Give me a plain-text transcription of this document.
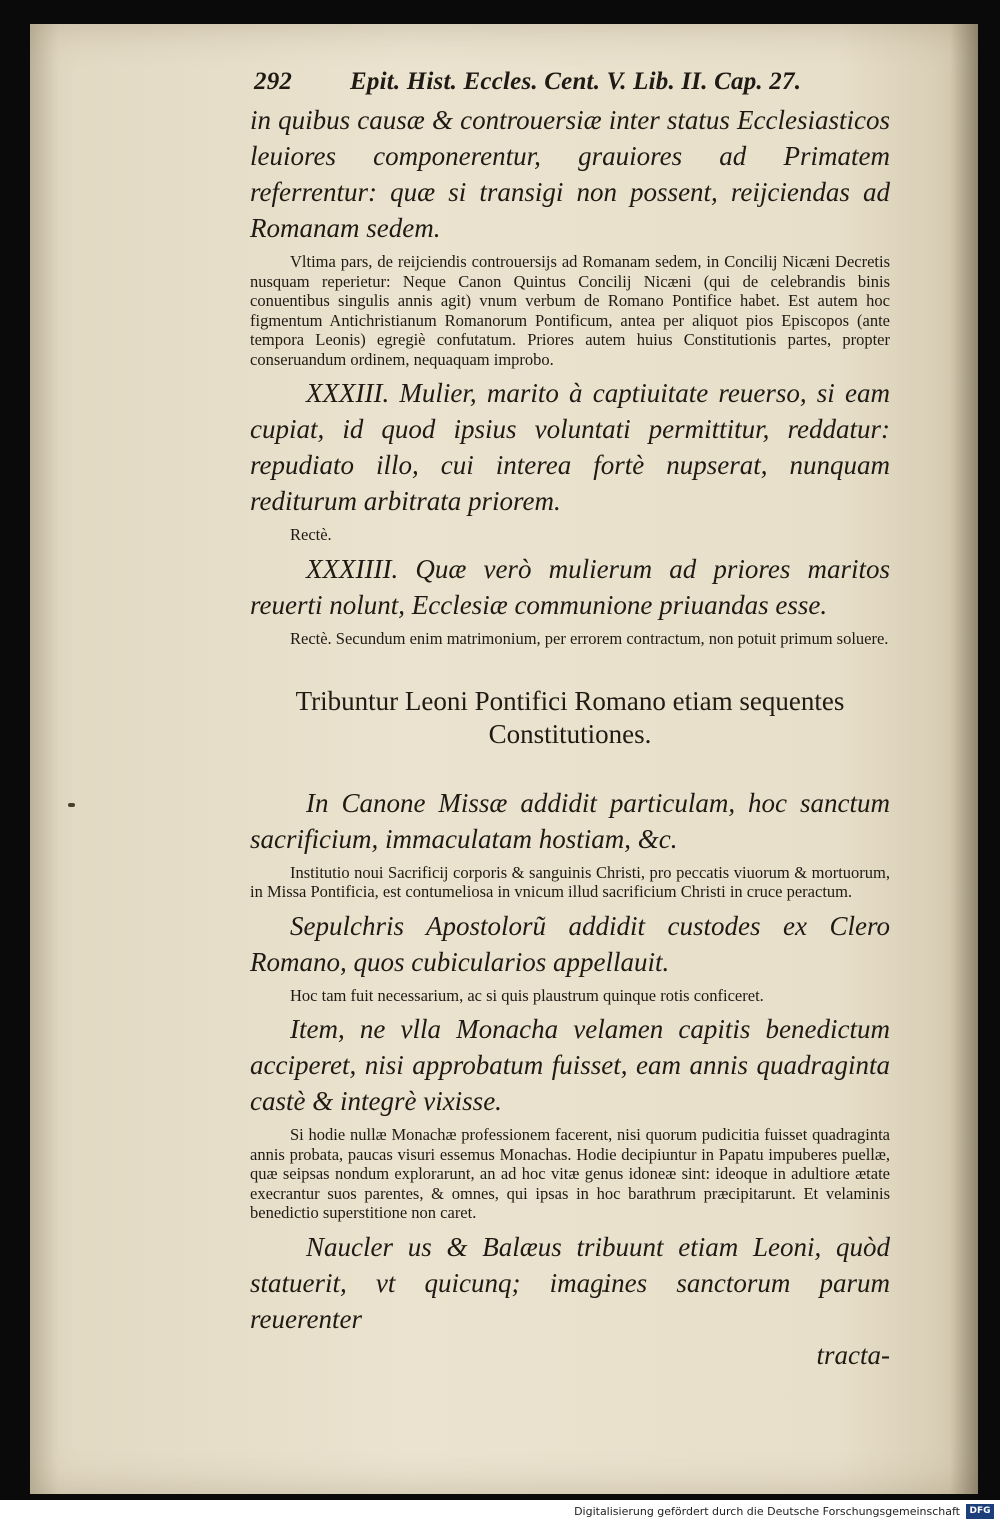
292	Epit. Hist. Eccles. Cent. V. Lib. II. Cap. 27.

in quibus causæ & controuersiæ inter status Ecclesiasticos leuiores componerentur, grauiores ad Primatem referrentur: quæ si transigi non possent, reijciendas ad Romanam sedem.

Vltima pars, de reijciendis controuersijs ad Romanam sedem, in Concilij Nicæni Decretis nusquam reperietur: Neque Canon Quintus Concilij Nicæni (qui de celebrandis binis conuentibus singulis annis agit) vnum verbum de Romano Pontifice habet. Est autem hoc figmentum Antichristianum Romanorum Pontificum, antea per aliquot pios Episcopos (ante tempora Leonis) egregiè confutatum. Priores autem huius Constitutionis partes, propter conseruandum ordinem, nequaquam improbo.

XXXIII. Mulier, marito à captiuitate reuerso, si eam cupiat, id quod ipsius voluntati permittitur, reddatur: repudiato illo, cui interea fortè nupserat, nunquam rediturum arbitrata priorem.

Rectè.

XXXIIII. Quæ verò mulierum ad priores maritos reuerti nolunt, Ecclesiæ communione priuandas esse.

Rectè. Secundum enim matrimonium, per errorem contractum, non potuit primum soluere.

Tribuntur Leoni Pontifici Romano etiam sequentes Constitutiones.

In Canone Missæ addidit particulam, hoc sanctum sacrificium, immaculatam hostiam, &c.

Institutio noui Sacrificij corporis & sanguinis Christi, pro peccatis viuorum & mortuorum, in Missa Pontificia, est contumeliosa in vnicum illud sacrificium Christi in cruce peractum.

Sepulchris Apostolorũ addidit custodes ex Clero Romano, quos cubicularios appellauit.

Hoc tam fuit necessarium, ac si quis plaustrum quinque rotis conficeret.

Item, ne vlla Monacha velamen capitis benedictum acciperet, nisi approbatum fuisset, eam annis quadraginta castè & integrè vixisse.

Si hodie nullæ Monachæ professionem facerent, nisi quorum pudicitia fuisset quadraginta annis probata, paucas visuri essemus Monachas. Hodie decipiuntur in Papatu impuberes puellæ, quæ seipsas nondum explorarunt, an ad hoc vitæ genus idoneæ sint: ideoque in adultiore ætate execrantur suos parentes, & omnes, qui ipsas in hoc barathrum præcipitarunt. Et velaminis benedictio superstitione non caret.

Naucler us & Balæus tribuunt etiam Leoni, quòd statuerit, vt quicunq; imagines sanctorum parum reuerenter

tracta-

Digitalisierung gefördert durch die Deutsche Forschungsgemeinschaft	DFG
